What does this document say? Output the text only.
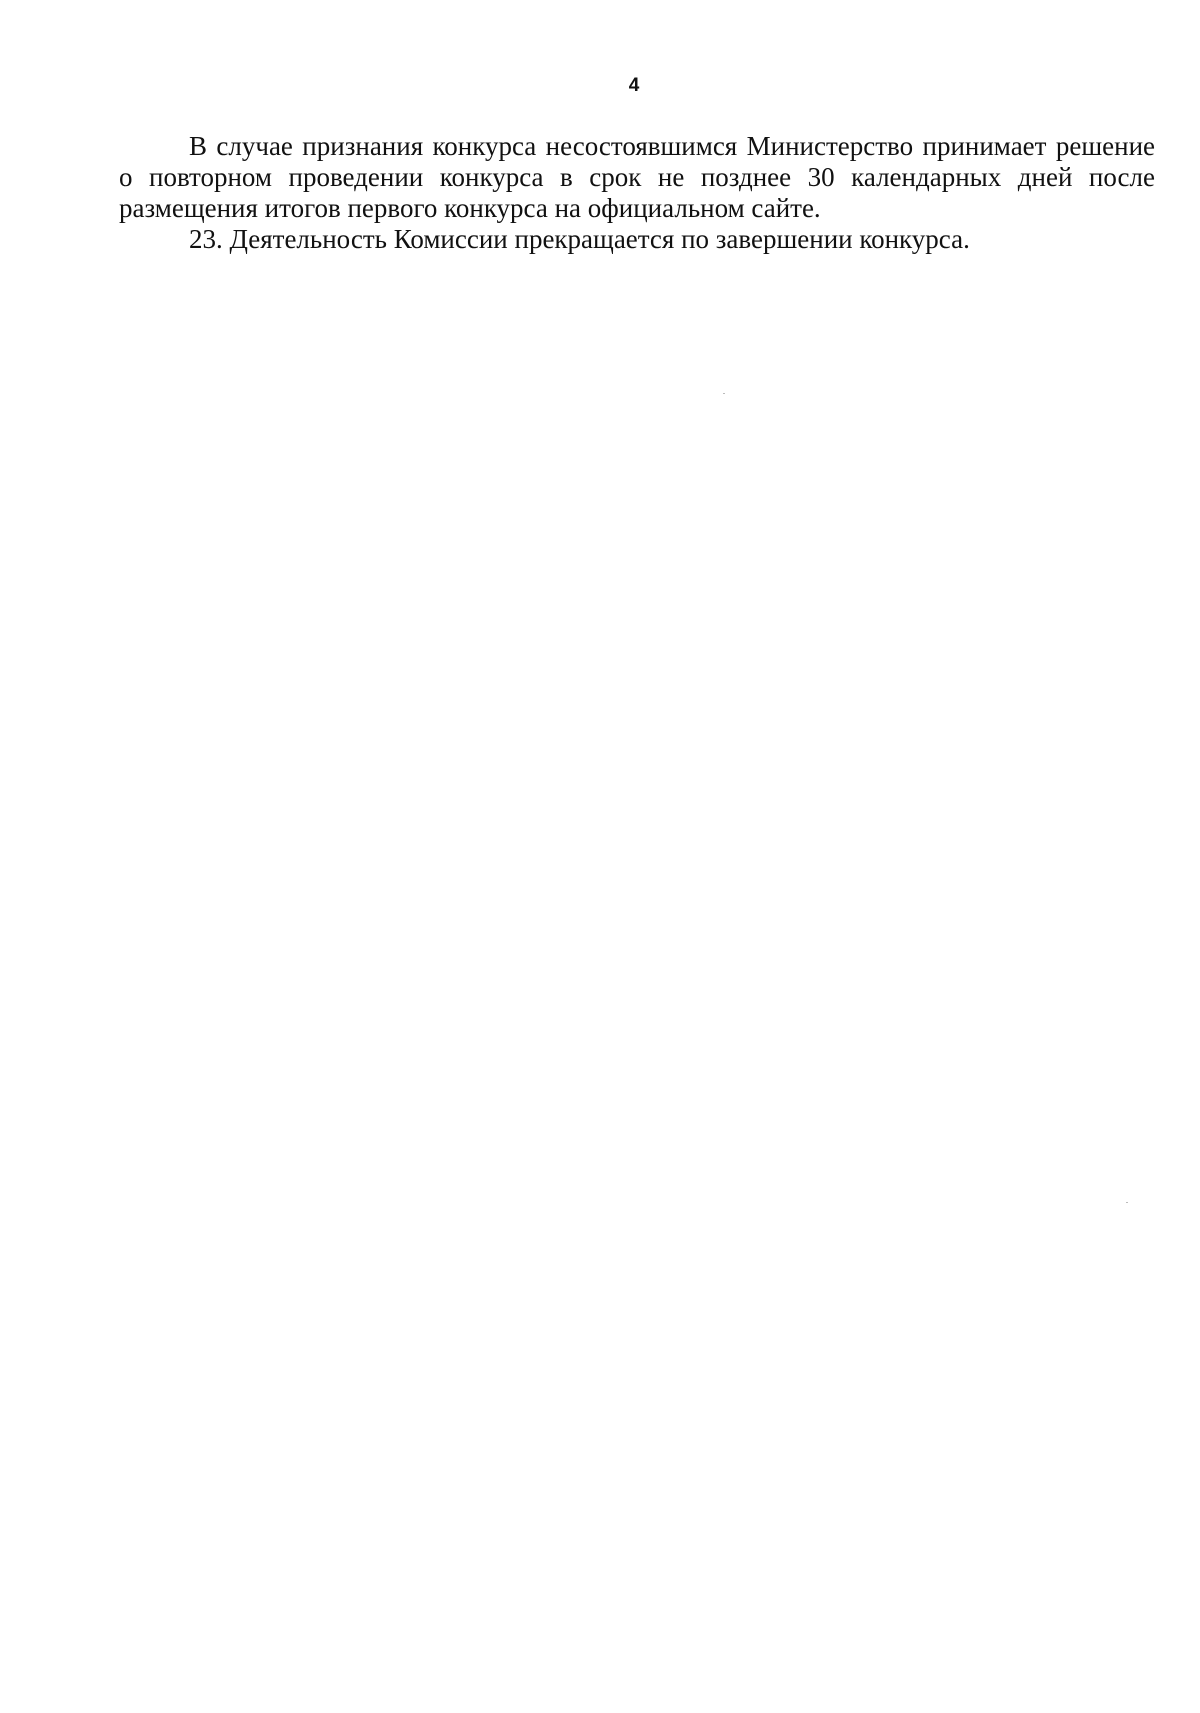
4

В случае признания конкурса несостоявшимся Министерство принимает решение о повторном проведении конкурса в срок не позднее 30 календарных дней после размещения итогов первого конкурса на официальном сайте.

23. Деятельность Комиссии прекращается по завершении конкурса.
